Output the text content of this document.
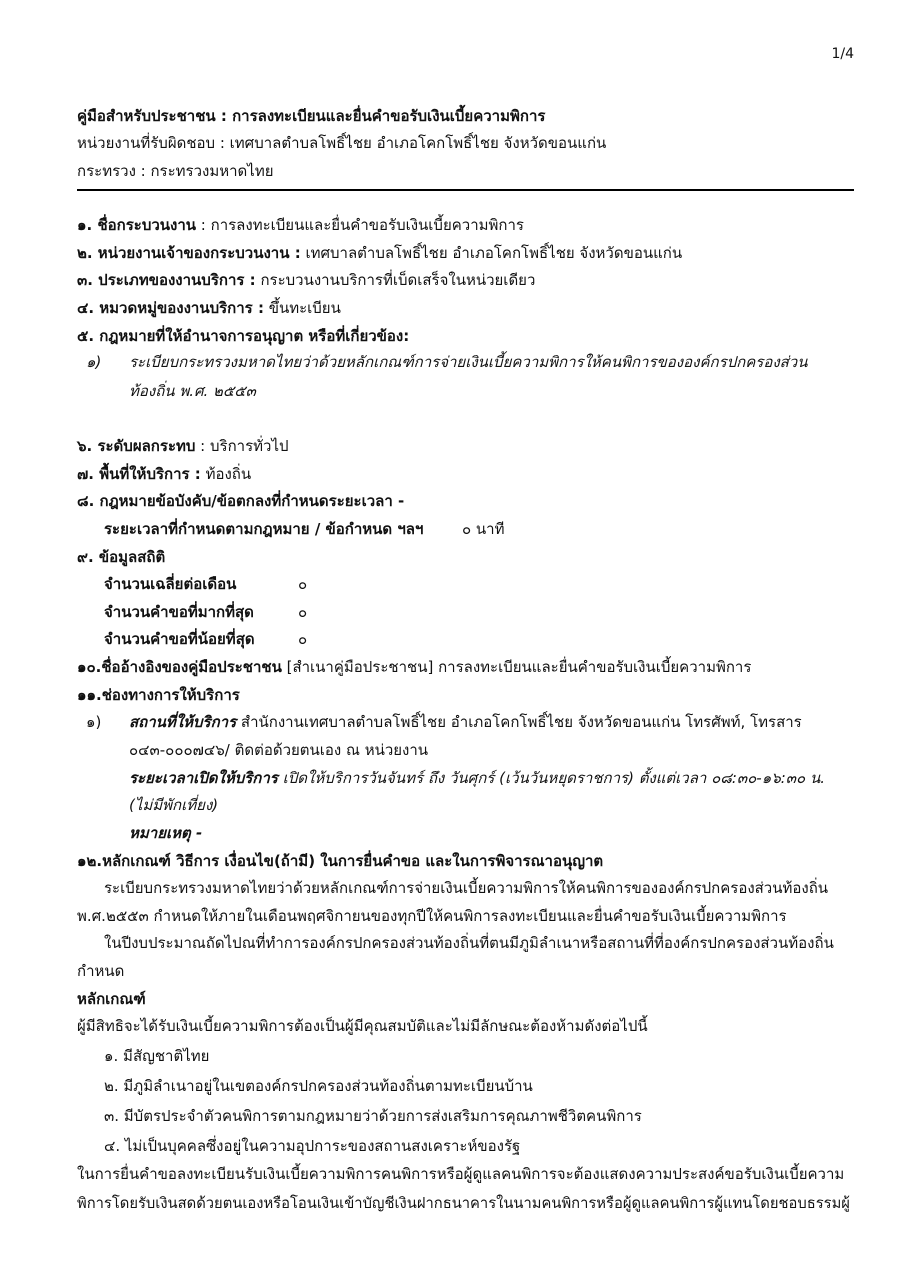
1/4
คู่มือสำหรับประชาชน : การลงทะเบียนและยื่นคำขอรับเงินเบี้ยความพิการ
หน่วยงานที่รับผิดชอบ : เทศบาลตำบลโพธิ์ไชย อำเภอโคกโพธิ์ไชย จังหวัดขอนแก่น
กระทรวง : กระทรวงมหาดไทย
๑. ชื่อกระบวนงาน : การลงทะเบียนและยื่นคำขอรับเงินเบี้ยความพิการ
๒. หน่วยงานเจ้าของกระบวนงาน : เทศบาลตำบลโพธิ์ไชย อำเภอโคกโพธิ์ไชย จังหวัดขอนแก่น
๓. ประเภทของงานบริการ : กระบวนงานบริการที่เบ็ดเสร็จในหน่วยเดียว
๔. หมวดหมู่ของงานบริการ : ขึ้นทะเบียน
๕. กฎหมายที่ให้อำนาจการอนุญาต หรือที่เกี่ยวข้อง:
๑) ระเบียบกระทรวงมหาดไทยว่าด้วยหลักเกณฑ์การจ่ายเงินเบี้ยความพิการให้คนพิการขององค์กรปกครองส่วน
ท้องถิ่น พ.ศ. ๒๕๕๓
๖. ระดับผลกระทบ : บริการทั่วไป
๗. พื้นที่ให้บริการ : ท้องถิ่น
๘. กฎหมายข้อบังคับ/ข้อตกลงที่กำหนดระยะเวลา -
ระยะเวลาที่กำหนดตามกฎหมาย / ข้อกำหนด ฯลฯ	๐ นาที
๙. ข้อมูลสถิติ
จำนวนเฉลี่ยต่อเดือน	๐
จำนวนคำขอที่มากที่สุด	๐
จำนวนคำขอที่น้อยที่สุด	๐
๑๐.ชื่ออ้างอิงของคู่มือประชาชน [สำเนาคู่มือประชาชน] การลงทะเบียนและยื่นคำขอรับเงินเบี้ยความพิการ
๑๑.ช่องทางการให้บริการ
๑) สถานที่ให้บริการ สำนักงานเทศบาลตำบลโพธิ์ไชย อำเภอโคกโพธิ์ไชย จังหวัดขอนแก่น โทรศัพท์, โทรสาร
๐๔๓-๐๐๐๗๔๖/ ติดต่อด้วยตนเอง ณ หน่วยงาน
ระยะเวลาเปิดให้บริการ เปิดให้บริการวันจันทร์ ถึง วันศุกร์ (เว้นวันหยุดราชการ) ตั้งแต่เวลา ๐๘:๓๐-๑๖:๓๐ น.
(ไม่มีพักเที่ยง)
หมายเหตุ -
๑๒.หลักเกณฑ์ วิธีการ เงื่อนไข(ถ้ามี) ในการยื่นคำขอ และในการพิจารณาอนุญาต
ระเบียบกระทรวงมหาดไทยว่าด้วยหลักเกณฑ์การจ่ายเงินเบี้ยความพิการให้คนพิการขององค์กรปกครองส่วนท้องถิ่น
พ.ศ.๒๕๕๓ กำหนดให้ภายในเดือนพฤศจิกายนของทุกปีให้คนพิการลงทะเบียนและยื่นคำขอรับเงินเบี้ยความพิการ
ในปีงบประมาณถัดไปณที่ทำการองค์กรปกครองส่วนท้องถิ่นที่ตนมีภูมิลำเนาหรือสถานที่ที่องค์กรปกครองส่วนท้องถิ่น
กำหนด
หลักเกณฑ์
ผู้มีสิทธิจะได้รับเงินเบี้ยความพิการต้องเป็นผู้มีคุณสมบัติและไม่มีลักษณะต้องห้ามดังต่อไปนี้
๑. มีสัญชาติไทย
๒. มีภูมิลำเนาอยู่ในเขตองค์กรปกครองส่วนท้องถิ่นตามทะเบียนบ้าน
๓. มีบัตรประจำตัวคนพิการตามกฎหมายว่าด้วยการส่งเสริมการคุณภาพชีวิตคนพิการ
๔. ไม่เป็นบุคคลซึ่งอยู่ในความอุปการะของสถานสงเคราะห์ของรัฐ
ในการยื่นคำขอลงทะเบียนรับเงินเบี้ยความพิการคนพิการหรือผู้ดูแลคนพิการจะต้องแสดงความประสงค์ขอรับเงินเบี้ยความ
พิการโดยรับเงินสดด้วยตนเองหรือโอนเงินเข้าบัญชีเงินฝากธนาคารในนามคนพิการหรือผู้ดูแลคนพิการผู้แทนโดยชอบธรรมผู้
